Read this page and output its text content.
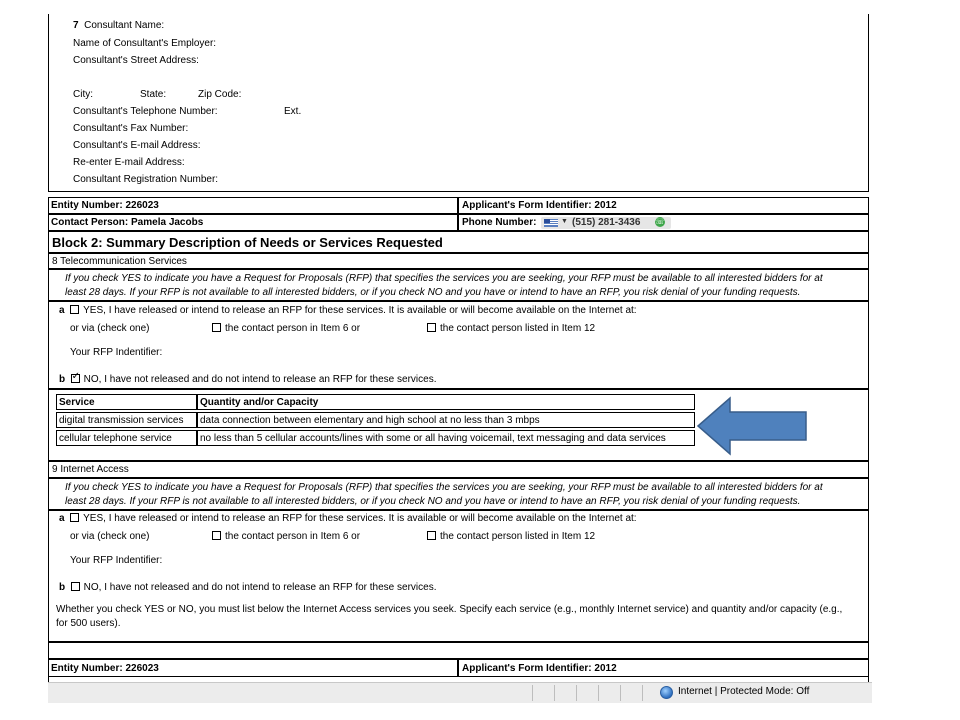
7 Consultant Name:
Name of Consultant's Employer:
Consultant's Street Address:
City:	State:	Zip Code:
Consultant's Telephone Number:	Ext.
Consultant's Fax Number:
Consultant's E-mail Address:
Re-enter E-mail Address:
Consultant Registration Number:
Entity Number: 226023	Applicant's Form Identifier: 2012
Contact Person: Pamela Jacobs	Phone Number:	▼ (515) 281-3436 ☏
Block 2: Summary Description of Needs or Services Requested
8 Telecommunication Services
If you check YES to indicate you have a Request for Proposals (RFP) that specifies the services you are seeking, your RFP must be available to all interested bidders for at
least 28 days. If your RFP is not available to all interested bidders, or if you check NO and you have or intend to have an RFP, you risk denial of your funding requests.
a YES, I have released or intend to release an RFP for these services. It is available or will become available on the Internet at:
or via (check one)	the contact person in Item 6 or	the contact person listed in Item 12
Your RFP Indentifier:
b  ✓ NO, I have not released and do not intend to release an RFP for these services.
Service	Quantity and/or Capacity
digital transmission services	data connection between elementary and high school at no less than 3 mbps
cellular telephone service	no less than 5 cellular accounts/lines with some or all having voicemail, text messaging and data services
9 Internet Access
If you check YES to indicate you have a Request for Proposals (RFP) that specifies the services you are seeking, your RFP must be available to all interested bidders for at
least 28 days. If your RFP is not available to all interested bidders, or if you check NO and you have or intend to have an RFP, you risk denial of your funding requests.
a YES, I have released or intend to release an RFP for these services. It is available or will become available on the Internet at:
or via (check one)	the contact person in Item 6 or	the contact person listed in Item 12
Your RFP Indentifier:
b NO, I have not released and do not intend to release an RFP for these services.
Whether you check YES or NO, you must list below the Internet Access services you seek. Specify each service (e.g., monthly Internet service) and quantity and/or capacity (e.g.,
for 500 users).
Entity Number: 226023	Applicant's Form Identifier: 2012
Internet | Protected Mode: Off
